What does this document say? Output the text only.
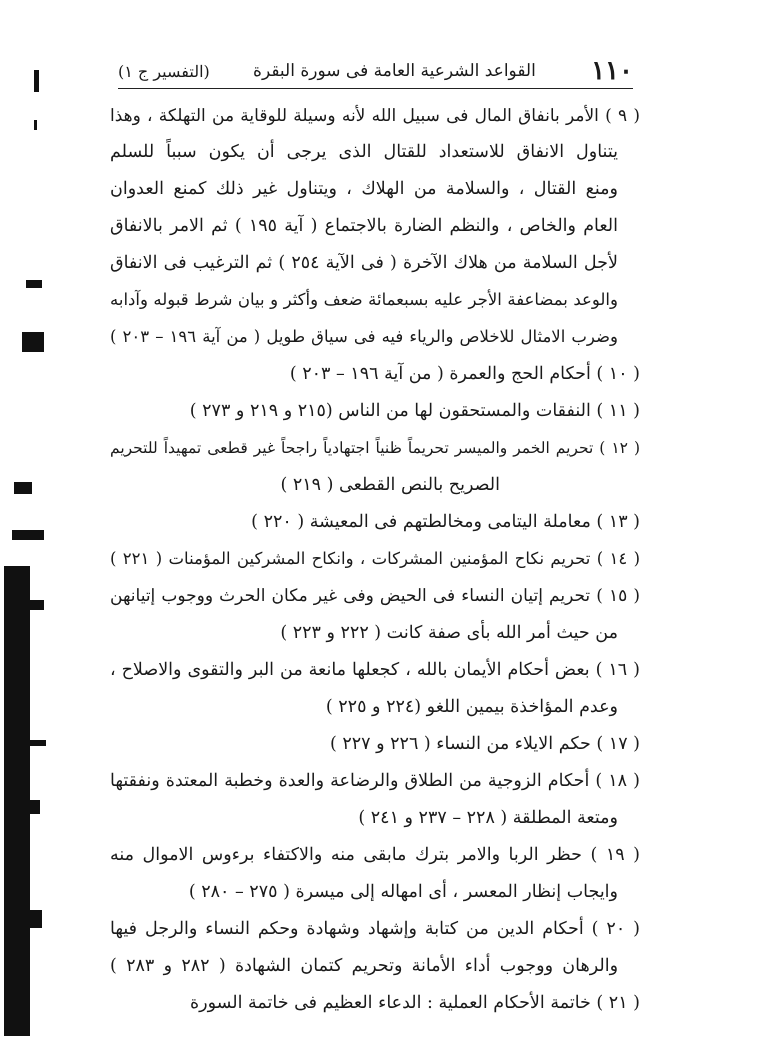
١١٠
القواعد الشرعية العامة فى سورة البقرة
(التفسير ج ١)
( ٩ ) الأمر بانفاق المال فى سبيل الله لأنه وسيلة للوقاية من التهلكة ، وهذا
يتناول الانفاق للاستعداد للقتال الذى يرجى أن يكون سبباً للسلم
ومنع القتال ، والسلامة من الهلاك ، ويتناول غير ذلك كمنع العدوان
العام والخاص ، والنظم الضارة بالاجتماع ( آية ١٩٥ ) ثم الامر بالانفاق
لأجل السلامة من هلاك الآخرة ( فى الآية ٢٥٤ ) ثم الترغيب فى الانفاق
والوعد بمضاعفة الأجر عليه بسبعمائة ضعف وأكثر و بيان شرط قبوله وآدابه
وضرب الامثال للاخلاص والرياء فيه فى سياق طويل ( من آية ١٩٦ – ٢٠٣ )
( ١٠ ) أحكام الحج والعمرة ( من آية ١٩٦ – ٢٠٣ )
( ١١ ) النفقات والمستحقون لها من الناس (٢١٥ و ٢١٩ و ٢٧٣ )
( ١٢ ) تحريم الخمر والميسر تحريماً ظنياً اجتهادياً راجحاً غير قطعى تمهيداً للتحريم
الصريح بالنص القطعى ( ٢١٩ )
( ١٣ ) معاملة اليتامى ومخالطتهم فى المعيشة ( ٢٢٠ )
( ١٤ ) تحريم نكاح المؤمنين المشركات ، وانكاح المشركين المؤمنات ( ٢٢١ )
( ١٥ ) تحريم إتيان النساء فى الحيض وفى غير مكان الحرث ووجوب إتيانهن
من حيث أمر الله بأى صفة كانت ( ٢٢٢ و ٢٢٣ )
( ١٦ ) بعض أحكام الأيمان بالله ، كجعلها مانعة من البر والتقوى والاصلاح ،
وعدم المؤاخذة بيمين اللغو (٢٢٤ و ٢٢٥ )
( ١٧ ) حكم الايلاء من النساء ( ٢٢٦ و ٢٢٧ )
( ١٨ ) أحكام الزوجية من الطلاق والرضاعة والعدة وخطبة المعتدة ونفقتها
ومتعة المطلقة ( ٢٢٨ – ٢٣٧ و ٢٤١ )
( ١٩ ) حظر الربا والامر بترك مابقى منه والاكتفاء برءوس الاموال منه
وايجاب إنظار المعسر ، أى امهاله إلى ميسرة ( ٢٧٥ – ٢٨٠ )
( ٢٠ ) أحكام الدين من كتابة وإشهاد وشهادة وحكم النساء والرجل فيها
والرهان ووجوب أداء الأمانة وتحريم كتمان الشهادة ( ٢٨٢ و ٢٨٣ )
( ٢١ ) خاتمة الأحكام العملية : الدعاء العظيم فى خاتمة السورة
